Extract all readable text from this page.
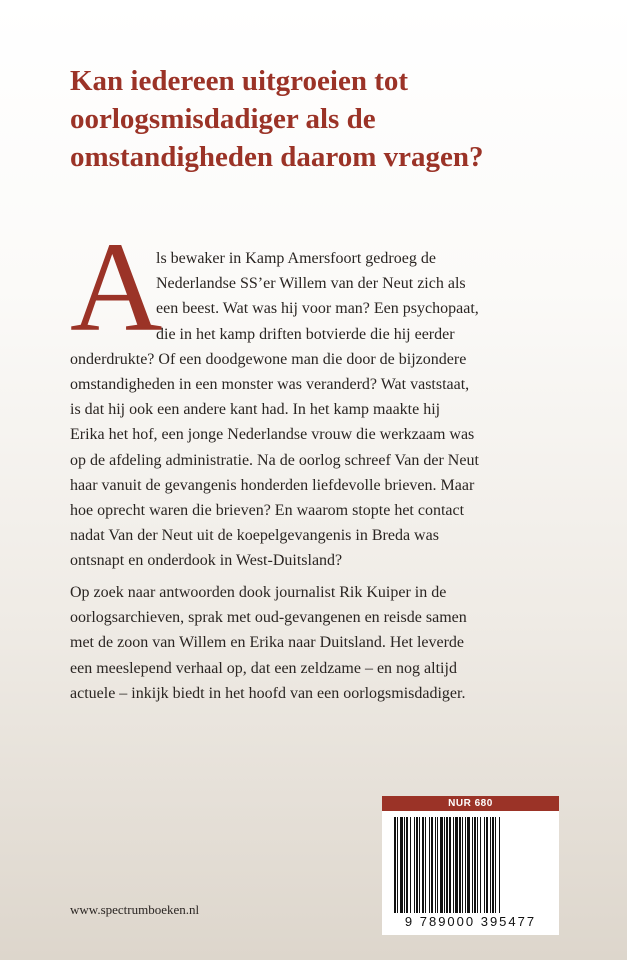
Kan iedereen uitgroeien tot
oorlogsmisdadiger als de
omstandigheden daarom vragen?
A
ls bewaker in Kamp Amersfoort gedroeg de
Nederlandse SS’er Willem van der Neut zich als
een beest. Wat was hij voor man? Een psychopaat,
die in het kamp driften botvierde die hij eerder
onderdrukte? Of een doodgewone man die door de bijzondere
omstandigheden in een monster was veranderd? Wat vaststaat,
is dat hij ook een andere kant had. In het kamp maakte hij
Erika het hof, een jonge Nederlandse vrouw die werkzaam was
op de afdeling administratie. Na de oorlog schreef Van der Neut
haar vanuit de gevangenis honderden liefdevolle brieven. Maar
hoe oprecht waren die brieven? En waarom stopte het contact
nadat Van der Neut uit de koepelgevangenis in Breda was
ontsnapt en onderdook in West-Duitsland?
Op zoek naar antwoorden dook journalist Rik Kuiper in de
oorlogsarchieven, sprak met oud-gevangenen en reisde samen
met de zoon van Willem en Erika naar Duitsland. Het leverde
een meeslepend verhaal op, dat een zeldzame – en nog altijd
actuele – inkijk biedt in het hoofd van een oorlogsmisdadiger.
www.spectrumboeken.nl
NUR 680
9 789000 395477
